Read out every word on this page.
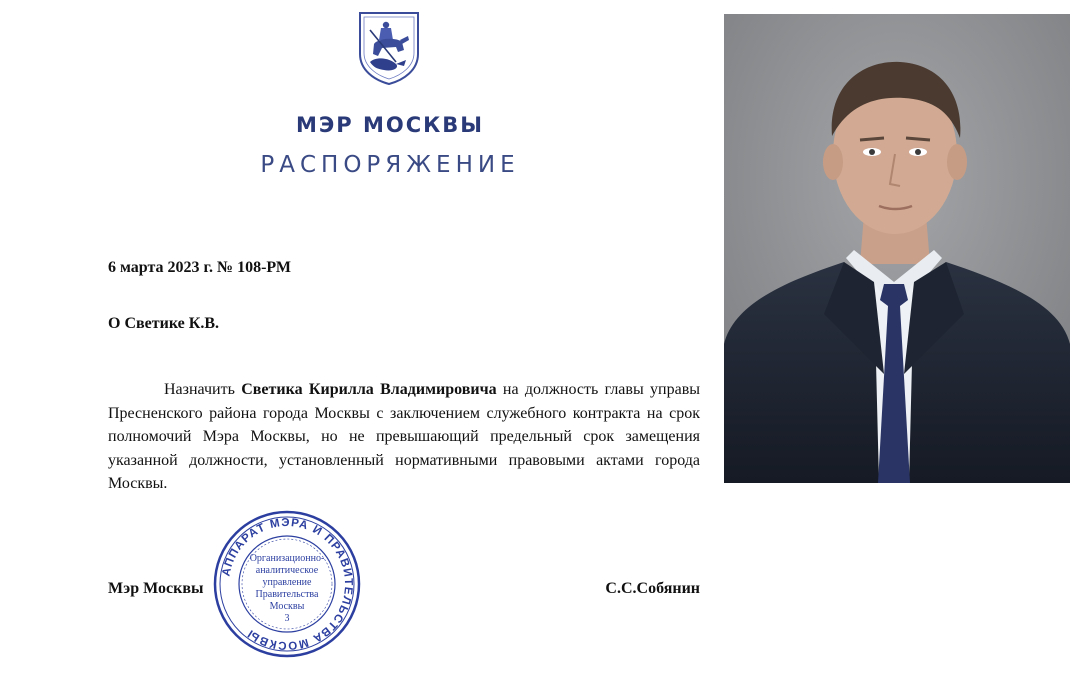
МЭР МОСКВЫ
РАСПОРЯЖЕНИЕ
6 марта 2023 г. № 108-РМ
О Светике К.В.

Назначить Светика Кирилла Владимировича на должность главы управы Пресненского района города Москвы с заключением служебного контракта на срок полномочий Мэра Москвы, но не превышающий предельный срок замещения указанной должности, установленный нормативными правовыми актами города Москвы.

Мэр Москвы	С.С.Собянин
АППАРАТ МЭРА И ПРАВИТЕЛЬСТВА МОСКВЫ
Организационно-
аналитическое
управление
Правительства
Москвы
3
